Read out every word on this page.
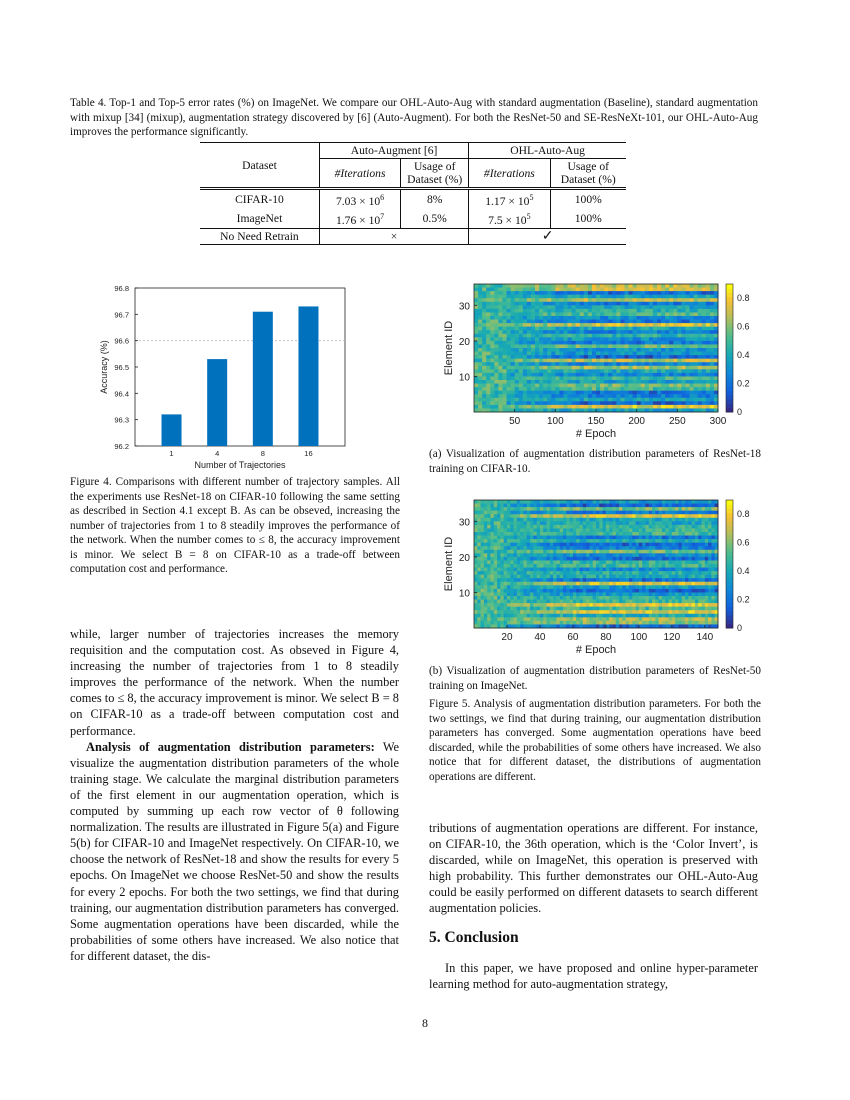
Table 4. Top-1 and Top-5 error rates (%) on ImageNet. We compare our OHL-Auto-Aug with standard augmentation (Baseline), standard augmentation with mixup [34] (mixup), augmentation strategy discovered by [6] (Auto-Augment). For both the ResNet-50 and SE-ResNeXt-101, our OHL-Auto-Aug improves the performance significantly.
Dataset	Auto-Augment [6]		OHL-Auto-Aug	
	#Iterations	Usage of Dataset (%)	#Iterations	Usage of Dataset (%)
CIFAR-10	$7.03 \times 10^6$	8%	$1.17 \times 10^5$	100%
ImageNet	$1.76 \times 10^7$	0.5%	$7.5 \times 10^5$	100%
No Need Retrain	×		✓	
96.2
96.3
96.4
96.5
96.6
96.7
96.8
1	4	8	16
Number of Trajectories
Accuracy (%)
Figure 4. Comparisons with different number of trajectory samples. All the experiments use ResNet-18 on CIFAR-10 following the same setting as described in Section 4.1 except B. As can be obseved, increasing the number of trajectories from 1 to 8 steadily improves the performance of the network. When the number comes to ≤ 8, the accuracy improvement is minor. We select B = 8 on CIFAR-10 as a trade-off between computation cost and performance.
10
20
30
50	100 150 200 250 300
# Epoch
Element ID
0
0.2
0.4
0.6
0.8
(a) Visualization of augmentation distribution parameters of ResNet-18 training on CIFAR-10.
10
20
30
20 40 60 80 100 120 140
# Epoch
Element ID
0
0.2
0.4
0.6
0.8
(b) Visualization of augmentation distribution parameters of ResNet-50 training on ImageNet.
Figure 5. Analysis of augmentation distribution parameters. For both the two settings, we find that during training, our augmentation distribution parameters has converged. Some augmentation operations have beed discarded, while the probabilities of some others have increased. We also notice that for different dataset, the distributions of augmentation operations are different.

while, larger number of trajectories increases the memory requisition and the computation cost. As obseved in Figure 4, increasing the number of trajectories from 1 to 8 steadily improves the performance of the network. When the number comes to ≤ 8, the accuracy improvement is minor. We select B = 8 on CIFAR-10 as a trade-off between computation cost and performance.

Analysis of augmentation distribution parameters: We visualize the augmentation distribution parameters of the whole training stage. We calculate the marginal distribution parameters of the first element in our augmentation operation, which is computed by summing up each row vector of θ following normalization. The results are illustrated in Figure 5(a) and Figure 5(b) for CIFAR-10 and ImageNet respectively. On CIFAR-10, we choose the network of ResNet-18 and show the results for every 5 epochs. On ImageNet we choose ResNet-50 and show the results for every 2 epochs. For both the two settings, we find that during training, our augmentation distribution parameters has converged. Some augmentation operations have been discarded, while the probabilities of some others have increased. We also notice that for different dataset, the dis-

tributions of augmentation operations are different. For instance, on CIFAR-10, the 36th operation, which is the ‘Color Invert’, is discarded, while on ImageNet, this operation is preserved with high probability. This further demonstrates our OHL-Auto-Aug could be easily performed on different datasets to search different augmentation policies.

5. Conclusion

In this paper, we have proposed and online hyper-parameter learning method for auto-augmentation strategy,

8
